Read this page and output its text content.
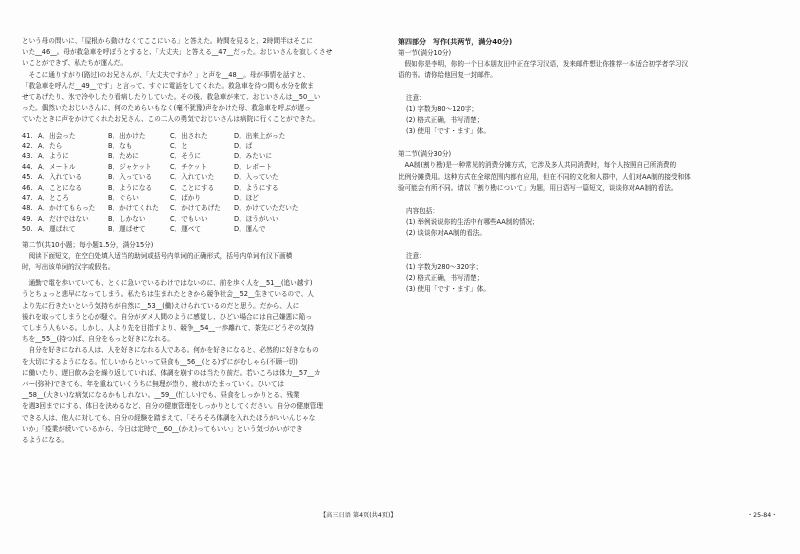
という母の問いに、「屋根から動けなくてここにいる」と答えた。時間を見ると、2時間半はそこに

いた__46__。母が救急車を呼ぼうとすると、「大丈夫」と答える__47__だった。おじいさんを寂しくさせ

いことができず、私たちが運んだ。

そこに通りすがり(路过)のお兄さんが、「大丈夫ですか？」と声を__48__。母が事情を話すと、

「救急車を呼んだ__49__です」と言って、すぐに電話をしてくれた。救急車を待つ間も水分を飲ま

せてあげたり、氷で冷やしたり看病したりしていた。その後、救急車が来て、おじいさんは__50__い

った。偶然いたおじいさんに、何のためらいもなく(毫不犹豫)声をかけた母、救急車を呼ぶが遅っ

ていたときに声をかけてくれたお兄さん、この二人の勇気でおじいさんは病院に行くことができた。

41. A．出会った	B．出かけた	C．出された	D．出来上がった
42. A．たら	B．なも	C．と	D．ば
43. A．ように	B．ために	C．そうに	D．みたいに
44. A．メートル	B．ジャケット	C．チケット	D．レポート
45. A．入れている	B．入っている	C．入れていた	D．入っていた
46. A．ことになる	B．ようになる	C．ことにする	D．ようにする
47. A．ところ	B．ぐらい	C．ばかり	D．ほど
48. A．かけてもらった	B．かけてくれた	C．かけてあげた	D．かけていただいた
49. A．だけではない	B．しかない	C．でもいい	D．ほうがいい
50. A．運ばれて	B．運ばせて	C．運べて	D．運んで

第二节(共10小题；每小题1.5分，满分15分)

阅读下面短文，在空白处填入适当的助词或括号内单词的正确形式，括号内单词有汉下画横

时，写出该单词的汉字或假名。

通勤で電を歩いていても、とくに急いでいるわけではないのに、前を歩く人を__51__(追い越す)

うとちょっと悲早になってしまう。私たちは生まれたときから競争社会__52__生きているので、人

より先に行きたいという気持ちが自然に__53__(働)えけられているのだと思う。だから、人に

後れを取ってしまうと心が騒ぐ。自分がダメ人間のように感覚し、ひどい場合には自己嫌悪に陥っ

てしまう人もいる。しかし、人より先を目指すより、競争__54__一歩離れて、茶先にどうぞの気持

ちを__55__(持つ)ば、自分をもっと好きになれる。

自分を好きになれる人は、人を好きになれる人である。何かを好きになると、必然的に好きなもの

を大切にするようになる。忙しいからといって昼食も__56__(とる)ずにがむしゃら(不顾一切)

に働いたり、遅日飲み会を繰り返していれば、体調を崩すのは当たり前だ。若いころは体力__57__カ

バー(弥补)できても、年を重ねていくうちに無理が祟り、疲れがたまっていく。ひいては

__58__(大きい)な病気になるかもしれない。__59__(忙しい)でも、昼食をしっかりとる、残業

を週3回までにする、体日を決めるなど、自分の健康管理をしっかりとしてください。自分の健康管理

できる人は、他人に対しても、自分の経験を踏まえて、「そろそろ体調を入れたほうがいいんじゃな

いか」「疫業が続いているから、今日は定時で__60__(かえ)ってもいい」という気づかいができ

るようになる。

第四部分　写作(共两节，满分40分)

第一节(满分10分)

假如你是李明，你的一个日本朋友田中正在学习汉语，发来邮件想让你推荐一本适合初学者学习汉

语的书。请你给他回复一封邮件。

注意：

(1) 字数为80～120字；

(2) 格式正确，书写清楚；

(3) 使用「です・ます」体。

第二节(满分30分)

AA制(割り勘)是一种常见的消费分摊方式，它涉及多人共同消费时，每个人按照自己所消费的

比例分摊费用。这种方式在全球范围内都有应用，但在不同的文化和人群中，人们对AA制的接受和体

验可能会有所不同。请以「割り勘について」为题，用日语写一篇短文，谈谈你对AA制的看法。

内容包括：

(1) 举例说说你的生活中有哪些AA制的情况；

(2) 谈谈你对AA制的看法。

注意：

(1) 字数为280～320字；

(2) 格式正确，书写清楚；

(3) 使用「です・ます」体。

【高三日语 第4页(共4页)】	・25-84・
